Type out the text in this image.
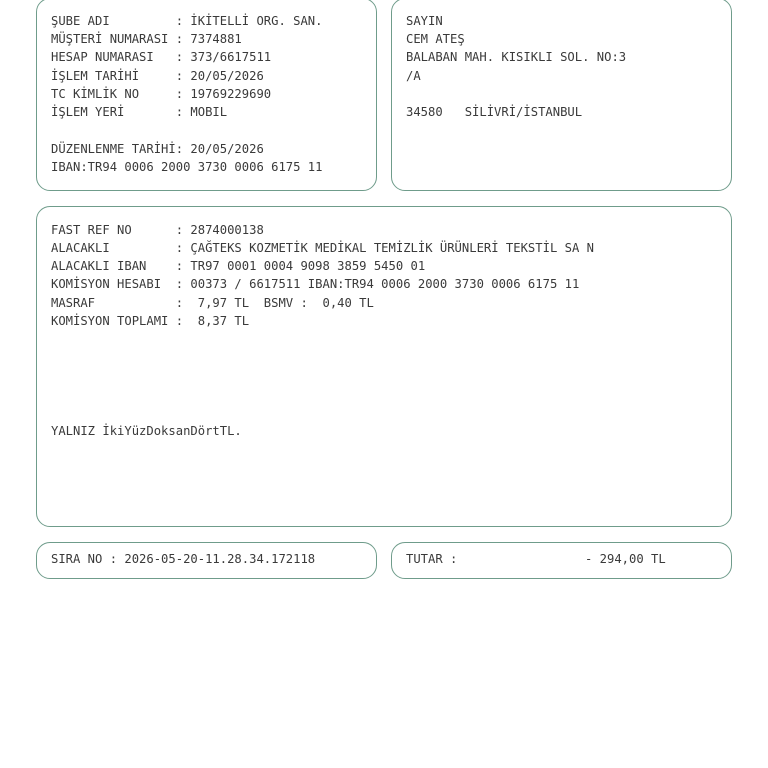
ŞUBE ADI         : İKİTELLİ ORG. SAN.
MÜŞTERİ NUMARASI : 7374881
HESAP NUMARASI   : 373/6617511
İŞLEM TARİHİ     : 20/05/2026
TC KİMLİK NO     : 19769229690
İŞLEM YERİ       : MOBIL
DÜZENLENME TARİHİ: 20/05/2026
IBAN:TR94 0006 2000 3730 0006 6175 11
SAYIN
CEM ATEŞ
BALABAN MAH. KISIKLI SOL. NO:3
/A
34580   SİLİVRİ/İSTANBUL
FAST REF NO      : 2874000138
ALACAKLI         : ÇAĞTEKS KOZMETİK MEDİKAL TEMİZLİK ÜRÜNLERİ TEKSTİL SA N
ALACAKLI IBAN    : TR97 0001 0004 9098 3859 5450 01
KOMİSYON HESABI  : 00373 / 6617511 IBAN:TR94 0006 2000 3730 0006 6175 11
MASRAF           :  7,97 TL  BSMV :  0,40 TL
KOMİSYON TOPLAMI :  8,37 TL
YALNIZ İkiYüzDoksanDörtTL.
SIRA NO : 2026-05-20-11.28.34.172118	TUTAR :	- 294,00 TL
